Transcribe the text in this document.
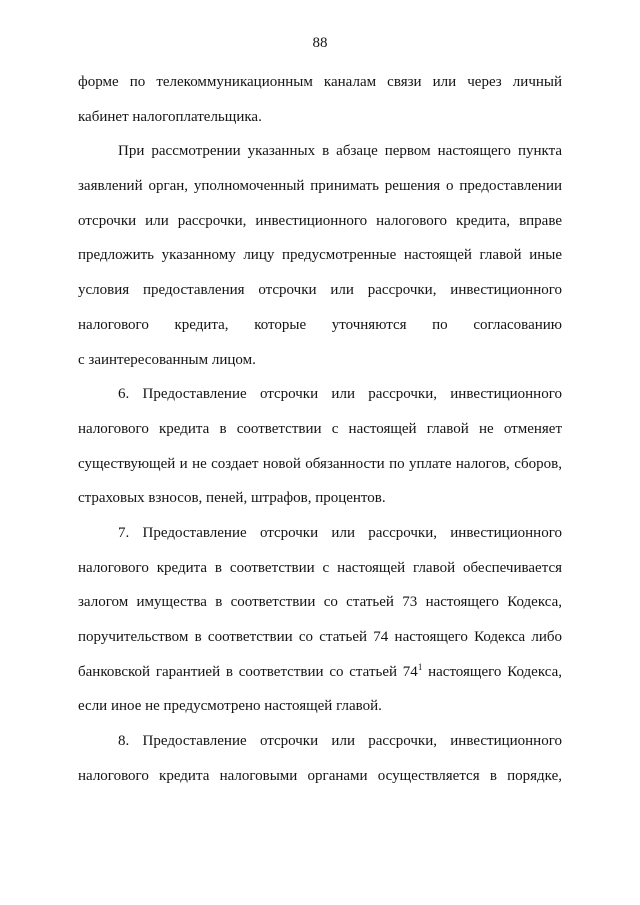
88
форме по телекоммуникационным каналам связи или через личный
кабинет налогоплательщика.
При рассмотрении указанных в абзаце первом настоящего пункта
заявлений орган, уполномоченный принимать решения о предоставлении
отсрочки или рассрочки, инвестиционного налогового кредита, вправе
предложить указанному лицу предусмотренные настоящей главой иные
условия предоставления отсрочки или рассрочки, инвестиционного
налогового кредита, которые уточняются по согласованию
с заинтересованным лицом.
6. Предоставление отсрочки или рассрочки, инвестиционного
налогового кредита в соответствии с настоящей главой не отменяет
существующей и не создает новой обязанности по уплате налогов, сборов,
страховых взносов, пеней, штрафов, процентов.
7. Предоставление отсрочки или рассрочки, инвестиционного
налогового кредита в соответствии с настоящей главой обеспечивается
залогом имущества в соответствии со статьей 73 настоящего Кодекса,
поручительством в соответствии со статьей 74 настоящего Кодекса либо
банковской гарантией в соответствии со статьей $74^1$ настоящего Кодекса,
если иное не предусмотрено настоящей главой.
8. Предоставление отсрочки или рассрочки, инвестиционного
налогового кредита налоговыми органами осуществляется в порядке,
